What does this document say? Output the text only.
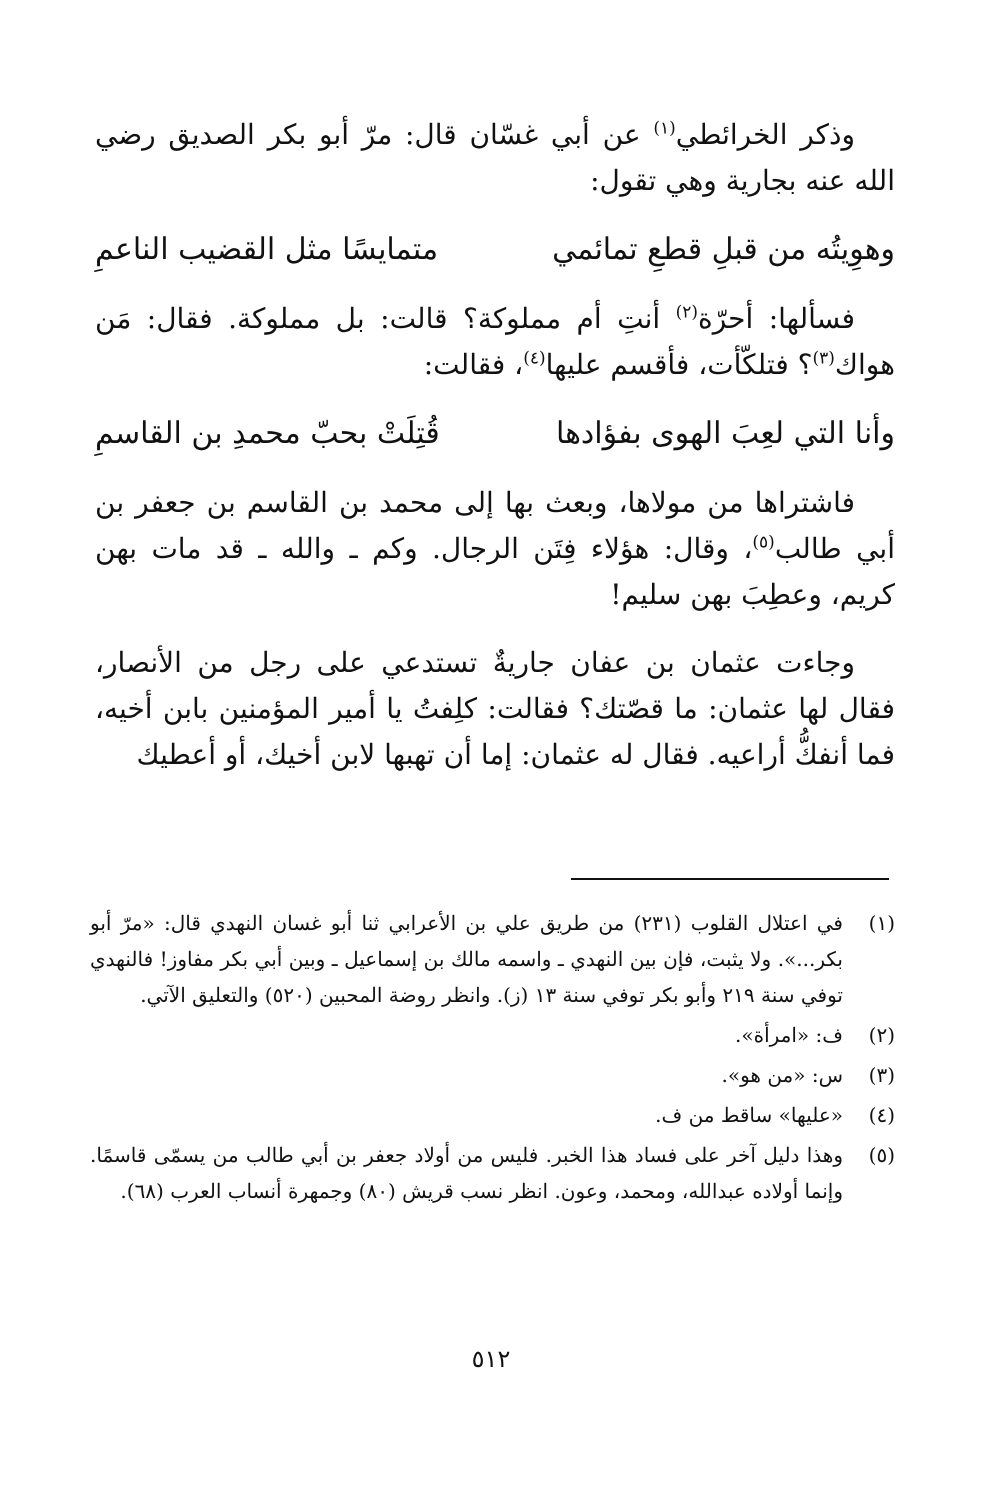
وذكر الخرائطي$^{(١)}$ عن أبي غسّان قال: مرّ أبو بكر الصديق رضي الله عنه بجارية وهي تقول:

وهوِيتُه من قبلِ قطعِ تمائمي
متمايسًا مثل القضيب الناعمِ

فسألها: أحرّة$^{(٢)}$ أنتِ أم مملوكة؟ قالت: بل مملوكة. فقال: مَن هواك$^{(٣)}$؟ فتلكّأت، فأقسم عليها$^{(٤)}$، فقالت:

وأنا التي لعِبَ الهوى بفؤادها
قُتِلَتْ بحبّ محمدِ بن القاسمِ

فاشتراها من مولاها، وبعث بها إلى محمد بن القاسم بن جعفر بن أبي طالب$^{(٥)}$، وقال: هؤلاء فِتَن الرجال. وكم ـ والله ـ قد مات بهن كريم، وعطِبَ بهن سليم!

وجاءت عثمان بن عفان جاريةٌ تستدعي على رجل من الأنصار، فقال لها عثمان: ما قصّتك؟ فقالت: كلِفتُ يا أمير المؤمنين بابن أخيه، فما أنفكُّ أراعيه. فقال له عثمان: إما أن تهبها لابن أخيك، أو أعطيك

(١)
في اعتلال القلوب (٢٣١) من طريق علي بن الأعرابي ثنا أبو غسان النهدي قال: «مرّ أبو بكر...». ولا يثبت، فإن بين النهدي ـ واسمه مالك بن إسماعيل ـ وبين أبي بكر مفاوز! فالنهدي توفي سنة ٢١٩ وأبو بكر توفي سنة ١٣ (ز). وانظر روضة المحبين (٥٢٠) والتعليق الآتي.
(٢)
ف: «امرأة».
(٣)
س: «من هو».
(٤)
«عليها» ساقط من ف.
(٥)
وهذا دليل آخر على فساد هذا الخبر. فليس من أولاد جعفر بن أبي طالب من يسمّى قاسمًا. وإنما أولاده عبدالله، ومحمد، وعون. انظر نسب قريش (٨٠) وجمهرة أنساب العرب (٦٨).
٥١٢
